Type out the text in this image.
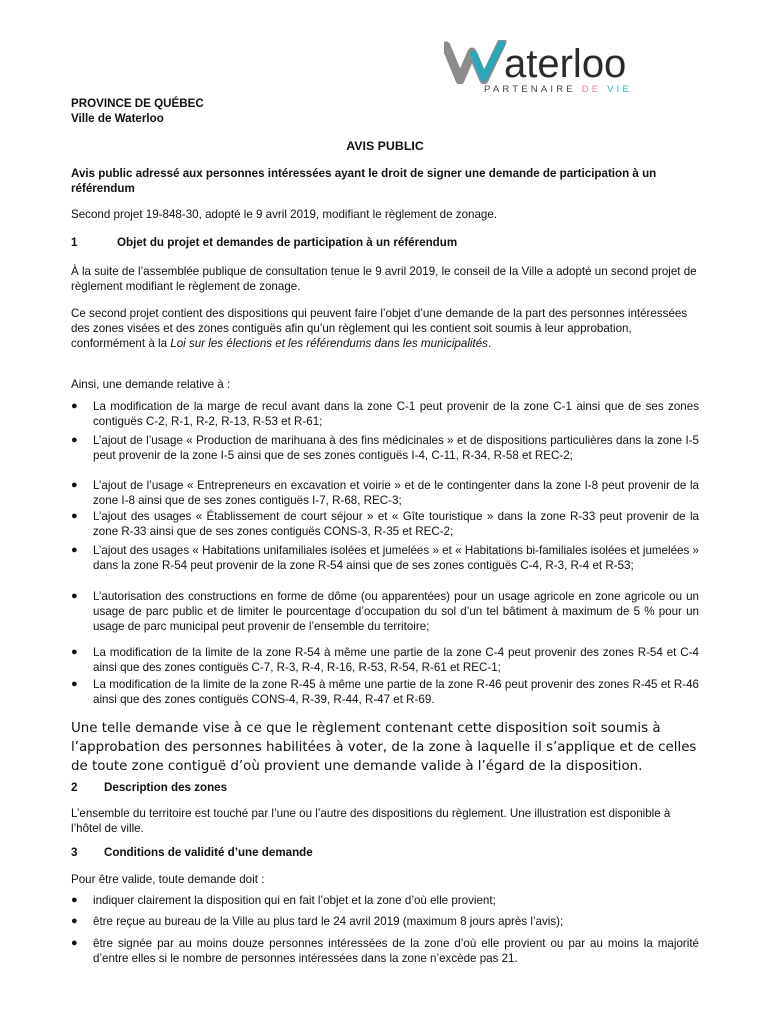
aterloo
PARTENAIRE DE VIE
PROVINCE DE QUÉBEC
Ville de Waterloo
AVIS PUBLIC
Avis public adressé aux personnes intéressées ayant le droit de signer une demande de participation à un référendum
Second projet 19-848-30, adopté le 9 avril 2019, modifiant le règlement de zonage.
1	Objet du projet et demandes de participation à un référendum
À la suite de l’assemblée publique de consultation tenue le 9 avril 2019, le conseil de la Ville a adopté un second projet de règlement modifiant le règlement de zonage.
Ce second projet contient des dispositions qui peuvent faire l’objet d’une demande de la part des personnes intéressées des zones visées et des zones contiguës afin qu’un règlement qui les contient soit soumis à leur approbation, conformément à la Loi sur les élections et les référendums dans les municipalités.
Ainsi, une demande relative à :
● La modification de la marge de recul avant dans la zone C-1 peut provenir de la zone C-1 ainsi que de ses zones contiguës C-2, R-1, R-2, R-13, R-53 et R-61;
● L’ajout de l’usage « Production de marihuana à des fins médicinales » et de dispositions particulières dans la zone I-5 peut provenir de la zone I-5 ainsi que de ses zones contiguës I-4, C-11, R-34, R-58 et REC-2;
● L’ajout de l’usage « Entrepreneurs en excavation et voirie » et de le contingenter dans la zone I-8 peut provenir de la zone I-8 ainsi que de ses zones contiguës I-7, R-68, REC-3;
● L’ajout des usages « Établissement de court séjour » et « Gîte touristique » dans la zone R-33 peut provenir de la zone R-33 ainsi que de ses zones contiguës CONS-3, R-35 et REC-2;
● L’ajout des usages « Habitations unifamiliales isolées et jumelées » et « Habitations bi-familiales isolées et jumelées » dans la zone R-54 peut provenir de la zone R-54 ainsi que de ses zones contiguës C-4, R-3, R-4 et R-53;
● L’autorisation des constructions en forme de dôme (ou apparentées) pour un usage agricole en zone agricole ou un usage de parc public et de limiter le pourcentage d’occupation du sol d’un tel bâtiment à maximum de 5 % pour un usage de parc municipal peut provenir de l’ensemble du territoire;
● La modification de la limite de la zone R-54 à même une partie de la zone C-4 peut provenir des zones R-54 et C-4 ainsi que des zones contiguës C-7, R-3, R-4, R-16, R-53, R-54, R-61 et REC-1;
● La modification de la limite de la zone R-45 à même une partie de la zone R-46 peut provenir des zones R-45 et R-46 ainsi que des zones contiguës CONS-4, R-39, R-44, R-47 et R-69.
Une telle demande vise à ce que le règlement contenant cette disposition soit soumis à l’approbation des personnes habilitées à voter, de la zone à laquelle il s’applique et de celles de toute zone contiguë d’où provient une demande valide à l’égard de la disposition.
2 Description des zones
L’ensemble du territoire est touché par l’une ou l’autre des dispositions du règlement. Une illustration est disponible à l’hôtel de ville.
3 Conditions de validité d’une demande
Pour être valide, toute demande doit :
● indiquer clairement la disposition qui en fait l’objet et la zone d’où elle provient;
● être reçue au bureau de la Ville au plus tard le 24 avril 2019 (maximum 8 jours après l’avis);
● être signée par au moins douze personnes intéressées de la zone d’où elle provient ou par au moins la majorité d’entre elles si le nombre de personnes intéressées dans la zone n’excède pas 21.
